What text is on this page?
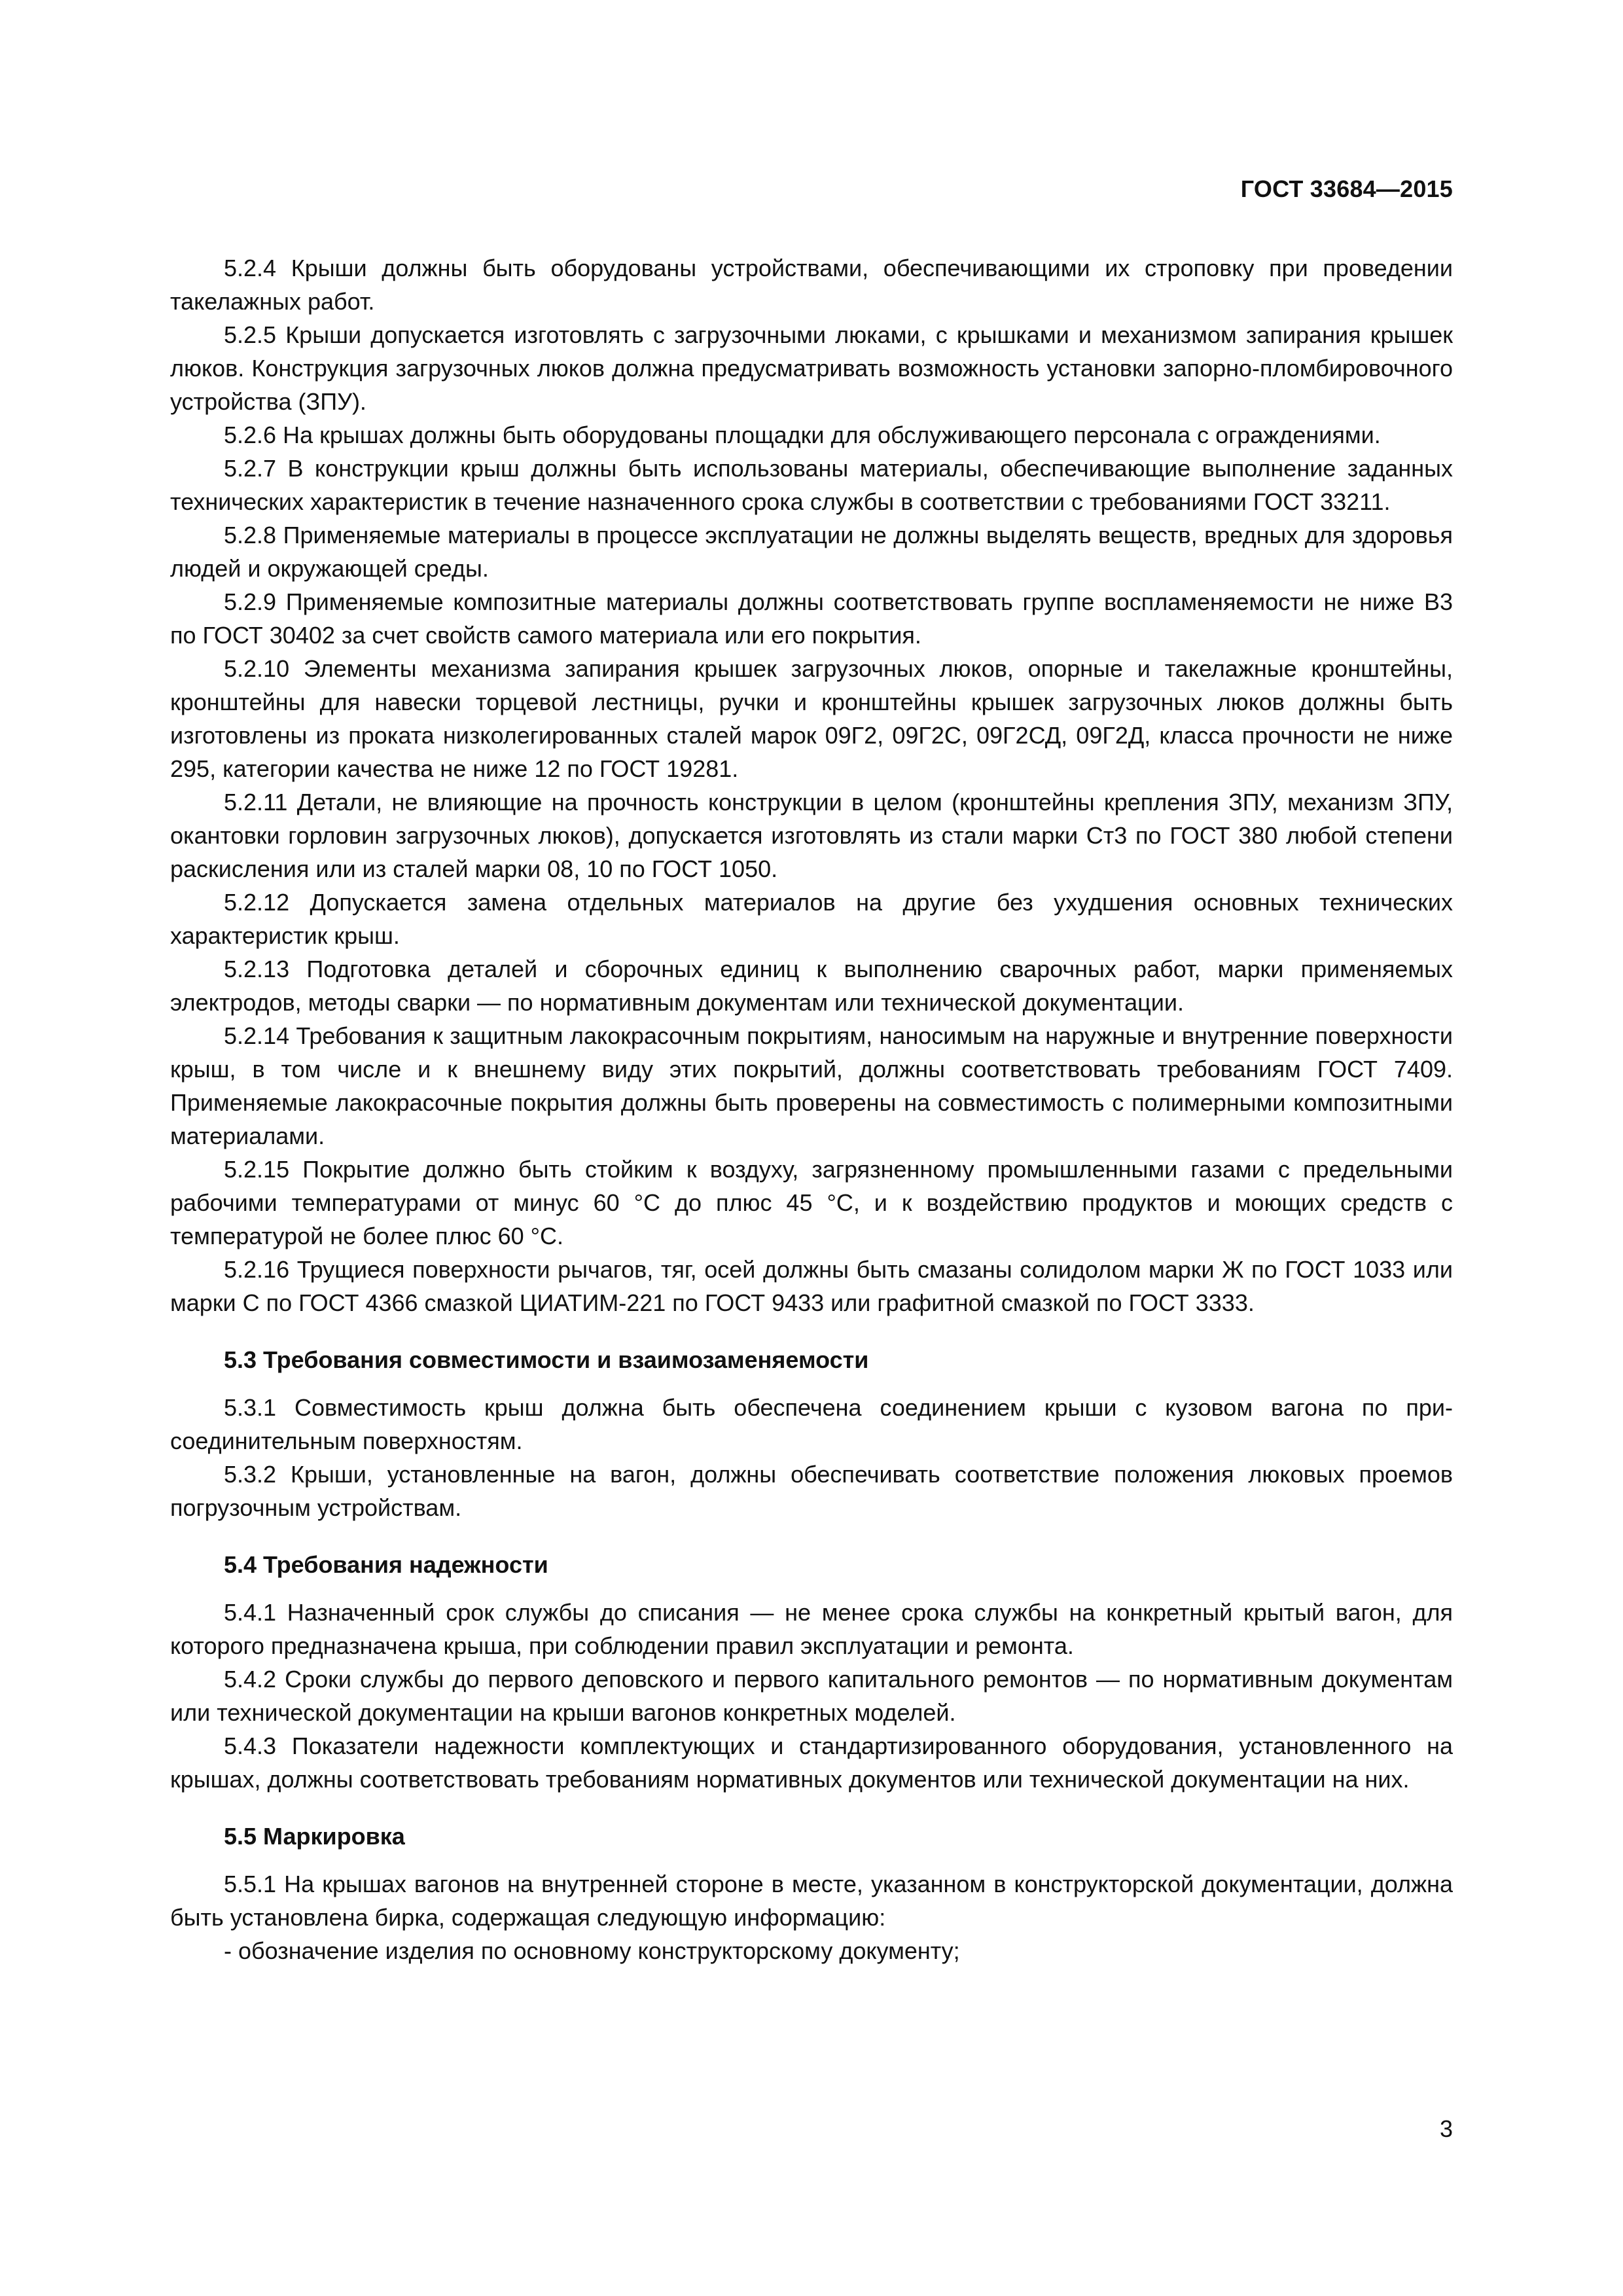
ГОСТ 33684—2015

5.2.4 Крыши должны быть оборудованы устройствами, обеспечивающими их строповку при проведении такелажных работ.

5.2.5 Крыши допускается изготовлять с загрузочными люками, с крышками и механизмом запирания крышек люков. Конструкция загрузочных люков должна предусматривать возможность установки запорно-пломбировочного устройства (ЗПУ).

5.2.6 На крышах должны быть оборудованы площадки для обслуживающего персонала с ограждениями.

5.2.7 В конструкции крыш должны быть использованы материалы, обеспечивающие выполнение заданных технических характеристик в течение назначенного срока службы в соответствии с требованиями ГОСТ 33211.

5.2.8 Применяемые материалы в процессе эксплуатации не должны выделять веществ, вредных для здоровья людей и окружающей среды.

5.2.9 Применяемые композитные материалы должны соответствовать группе воспламеняемости не ниже В3 по ГОСТ 30402 за счет свойств самого материала или его покрытия.

5.2.10 Элементы механизма запирания крышек загрузочных люков, опорные и такелажные кронштейны, кронштейны для навески торцевой лестницы, ручки и кронштейны крышек загрузочных люков должны быть изготовлены из проката низколегированных сталей марок 09Г2, 09Г2С, 09Г2СД, 09Г2Д, класса прочности не ниже 295, категории качества не ниже 12 по ГОСТ 19281.

5.2.11 Детали, не влияющие на прочность конструкции в целом (кронштейны крепления ЗПУ, механизм ЗПУ, окантовки горловин загрузочных люков), допускается изготовлять из стали марки Ст3 по ГОСТ 380 любой степени раскисления или из сталей марки 08, 10 по ГОСТ 1050.

5.2.12 Допускается замена отдельных материалов на другие без ухудшения основных технических характеристик крыш.

5.2.13 Подготовка деталей и сборочных единиц к выполнению сварочных работ, марки применяемых электродов, методы сварки — по нормативным документам или технической документации.

5.2.14 Требования к защитным лакокрасочным покрытиям, наносимым на наружные и внутренние поверхности крыш, в том числе и к внешнему виду этих покрытий, должны соответствовать требованиям ГОСТ 7409. Применяемые лакокрасочные покрытия должны быть проверены на совместимость с полимерными композитными материалами.

5.2.15 Покрытие должно быть стойким к воздуху, загрязненному промышленными газами с предельными рабочими температурами от минус 60 °С до плюс 45 °С, и к воздействию продуктов и моющих средств с температурой не более плюс 60 °С.

5.2.16 Трущиеся поверхности рычагов, тяг, осей должны быть смазаны солидолом марки Ж по ГОСТ 1033 или марки С по ГОСТ 4366 смазкой ЦИАТИМ-221 по ГОСТ 9433 или графитной смазкой по ГОСТ 3333.

5.3 Требования совместимости и взаимозаменяемости

5.3.1 Совместимость крыш должна быть обеспечена соединением крыши с кузовом вагона по присоединительным поверхностям.

5.3.2 Крыши, установленные на вагон, должны обеспечивать соответствие положения люковых проемов погрузочным устройствам.

5.4 Требования надежности

5.4.1 Назначенный срок службы до списания — не менее срока службы на конкретный крытый вагон, для которого предназначена крыша, при соблюдении правил эксплуатации и ремонта.

5.4.2 Сроки службы до первого деповского и первого капитального ремонтов — по нормативным документам или технической документации на крыши вагонов конкретных моделей.

5.4.3 Показатели надежности комплектующих и стандартизированного оборудования, установленного на крышах, должны соответствовать требованиям нормативных документов или технической документации на них.

5.5 Маркировка

5.5.1 На крышах вагонов на внутренней стороне в месте, указанном в конструкторской документации, должна быть установлена бирка, содержащая следующую информацию:

- обозначение изделия по основному конструкторскому документу;

3
